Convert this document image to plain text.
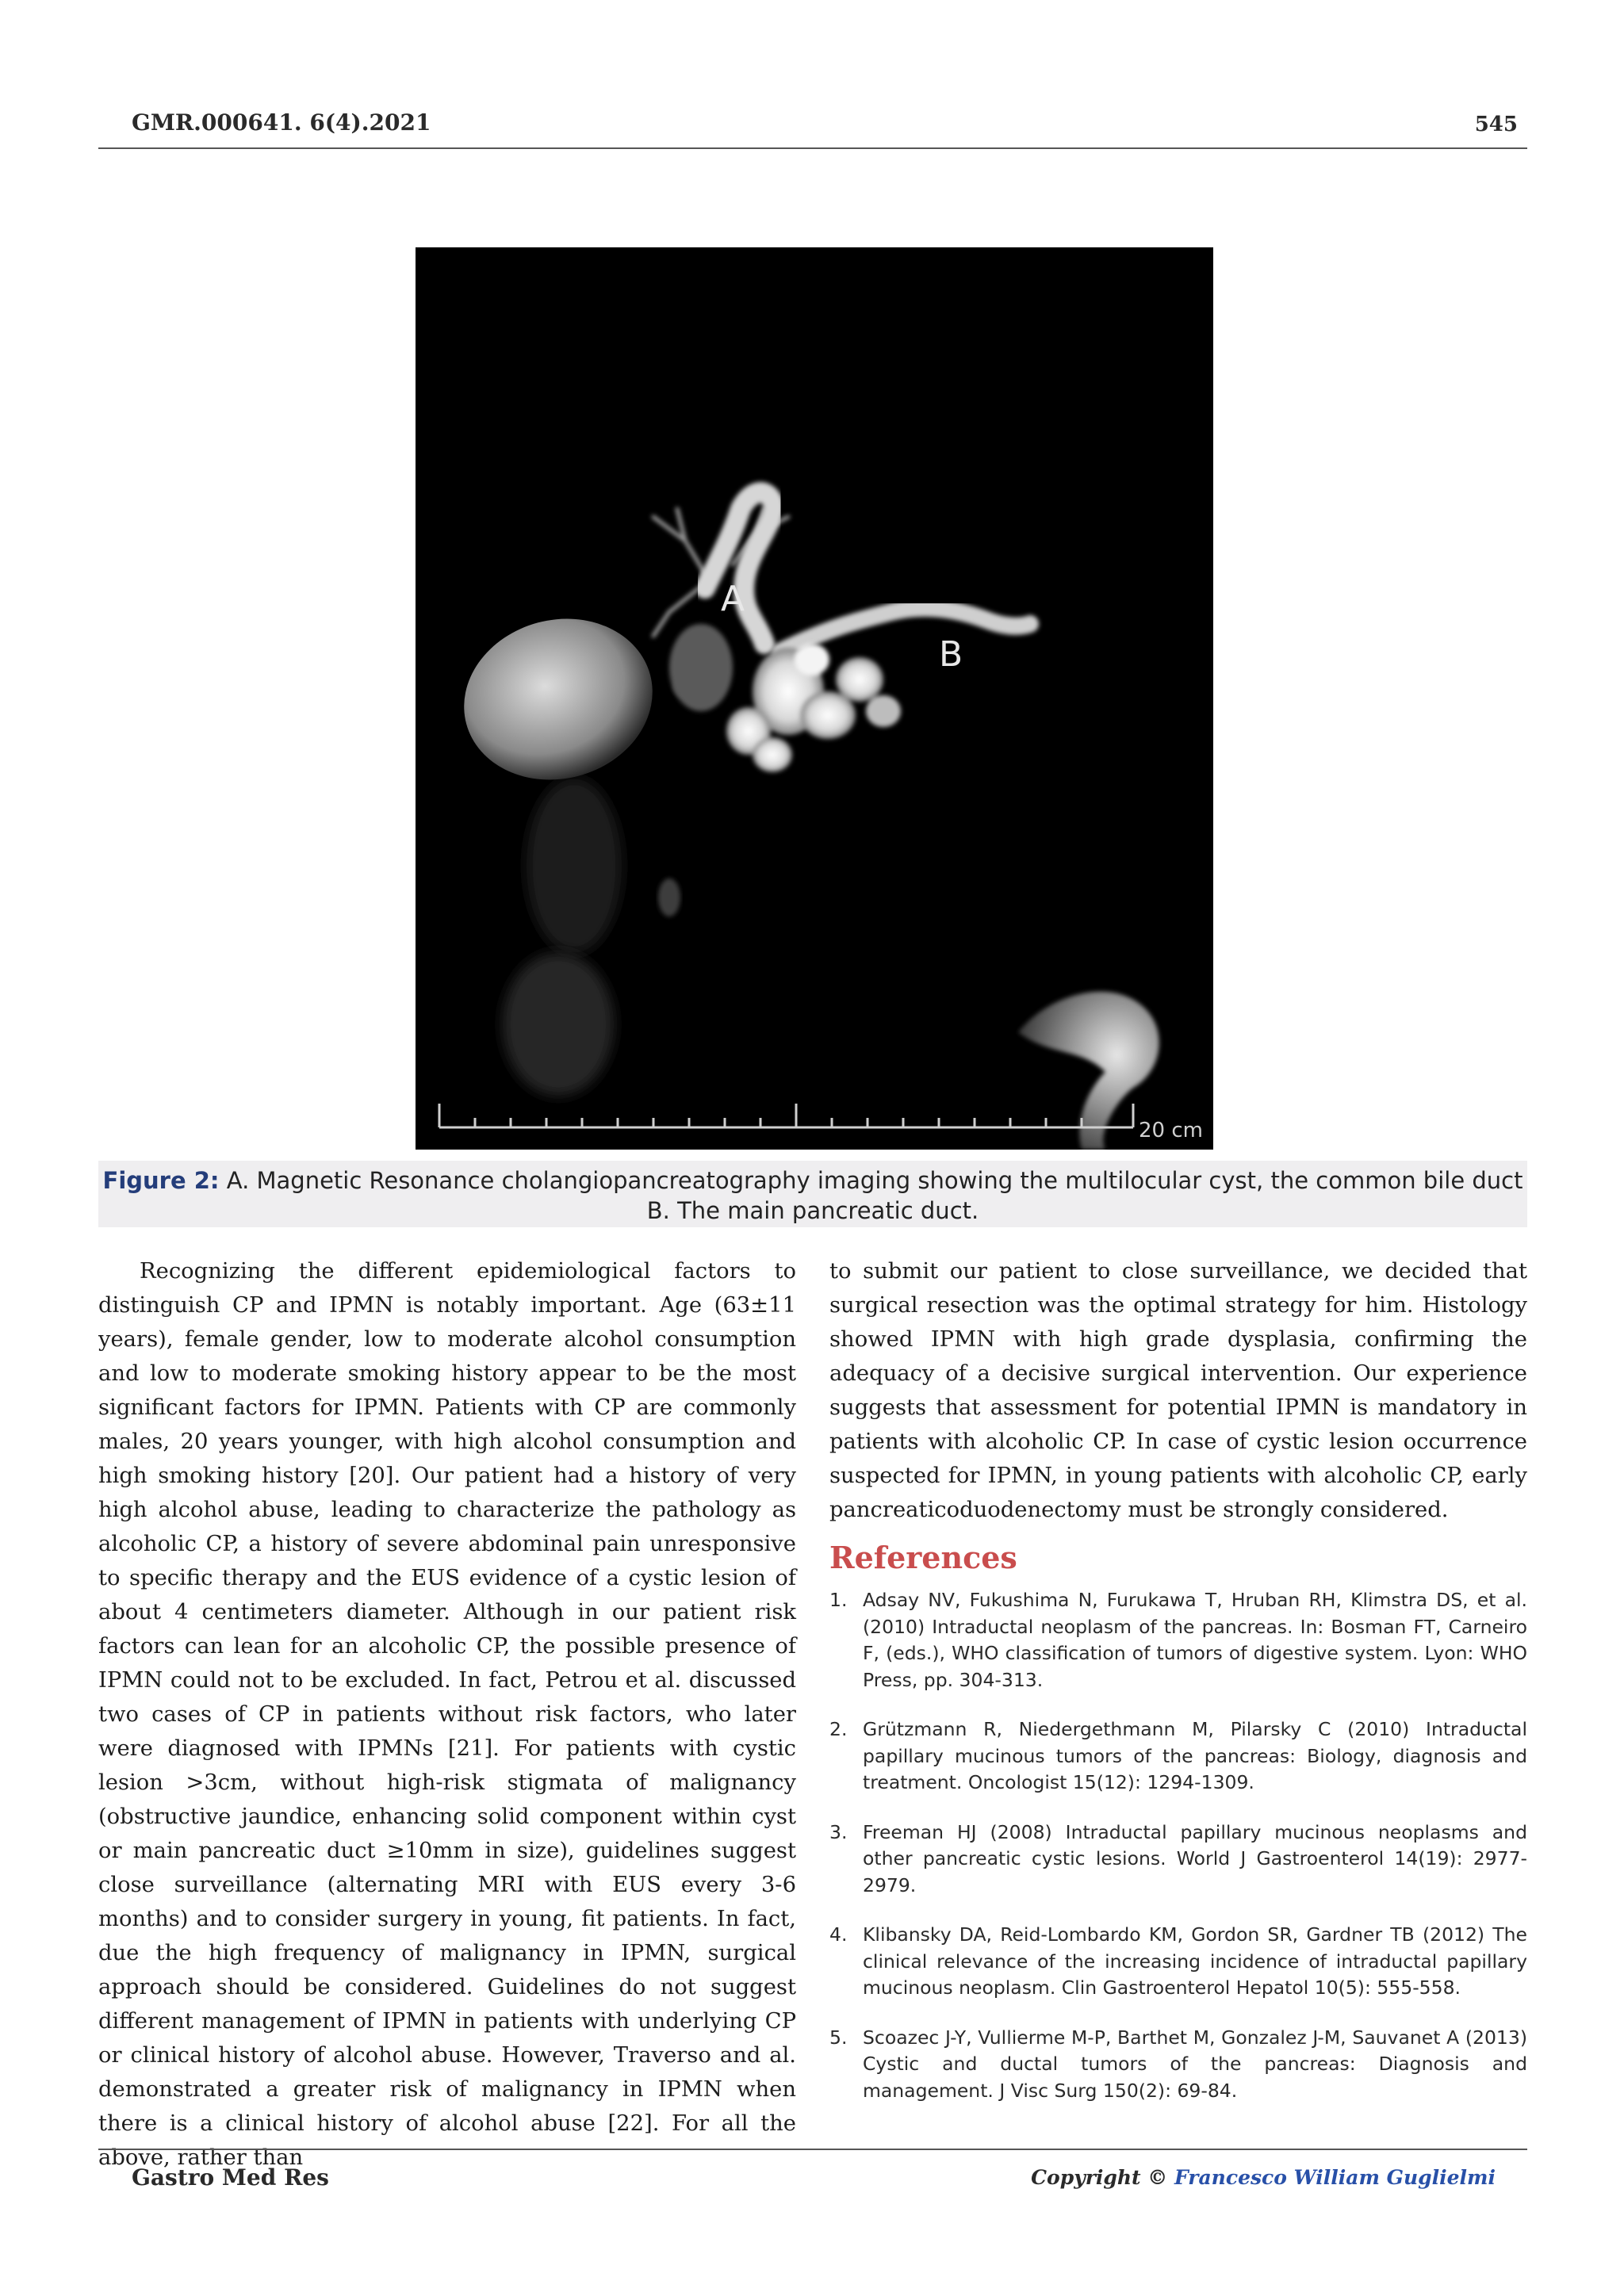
GMR.000641. 6(4).2021	545
A
B
20 cm
Figure 2: A. Magnetic Resonance cholangiopancreatography imaging showing the multilocular cyst, the common bile duct B. The main pancreatic duct.
Recognizing the different epidemiological factors to distinguish CP and IPMN is notably important. Age (63±11 years), female gender, low to moderate alcohol consumption and low to moderate smoking history appear to be the most significant factors for IPMN. Patients with CP are commonly males, 20 years younger, with high alcohol consumption and high smoking history [20]. Our patient had a history of very high alcohol abuse, leading to characterize the pathology as alcoholic CP, a history of severe abdominal pain unresponsive to specific therapy and the EUS evidence of a cystic lesion of about 4 centimeters diameter. Although in our patient risk factors can lean for an alcoholic CP, the possible presence of IPMN could not to be excluded. In fact, Petrou et al. discussed two cases of CP in patients without risk factors, who later were diagnosed with IPMNs [21]. For patients with cystic lesion >3cm, without high-risk stigmata of malignancy (obstructive jaundice, enhancing solid component within cyst or main pancreatic duct ≥10mm in size), guidelines suggest close surveillance (alternating MRI with EUS every 3-6 months) and to consider surgery in young, fit patients. In fact, due the high frequency of malignancy in IPMN, surgical approach should be considered. Guidelines do not suggest different management of IPMN in patients with underlying CP or clinical history of alcohol abuse. However, Traverso and al. demonstrated a greater risk of malignancy in IPMN when there is a clinical history of alcohol abuse [22]. For all the above, rather than
to submit our patient to close surveillance, we decided that surgical resection was the optimal strategy for him. Histology showed IPMN with high grade dysplasia, confirming the adequacy of a decisive surgical intervention. Our experience suggests that assessment for potential IPMN is mandatory in patients with alcoholic CP. In case of cystic lesion occurrence suspected for IPMN, in young patients with alcoholic CP, early pancreaticoduodenectomy must be strongly considered.
References
1. Adsay NV, Fukushima N, Furukawa T, Hruban RH, Klimstra DS, et al. (2010) Intraductal neoplasm of the pancreas. In: Bosman FT, Carneiro F, (eds.), WHO classification of tumors of digestive system. Lyon: WHO Press, pp. 304-313.
2. Grützmann R, Niedergethmann M, Pilarsky C (2010) Intraductal papillary mucinous tumors of the pancreas: Biology, diagnosis and treatment. Oncologist 15(12): 1294-1309.
3. Freeman HJ (2008) Intraductal papillary mucinous neoplasms and other pancreatic cystic lesions. World J Gastroenterol 14(19): 2977-2979.
4. Klibansky DA, Reid-Lombardo KM, Gordon SR, Gardner TB (2012) The clinical relevance of the increasing incidence of intraductal papillary mucinous neoplasm. Clin Gastroenterol Hepatol 10(5): 555-558.
5. Scoazec J-Y, Vullierme M-P, Barthet M, Gonzalez J-M, Sauvanet A (2013) Cystic and ductal tumors of the pancreas: Diagnosis and management. J Visc Surg 150(2): 69-84.
Gastro Med Res	Copyright © Francesco William Guglielmi
